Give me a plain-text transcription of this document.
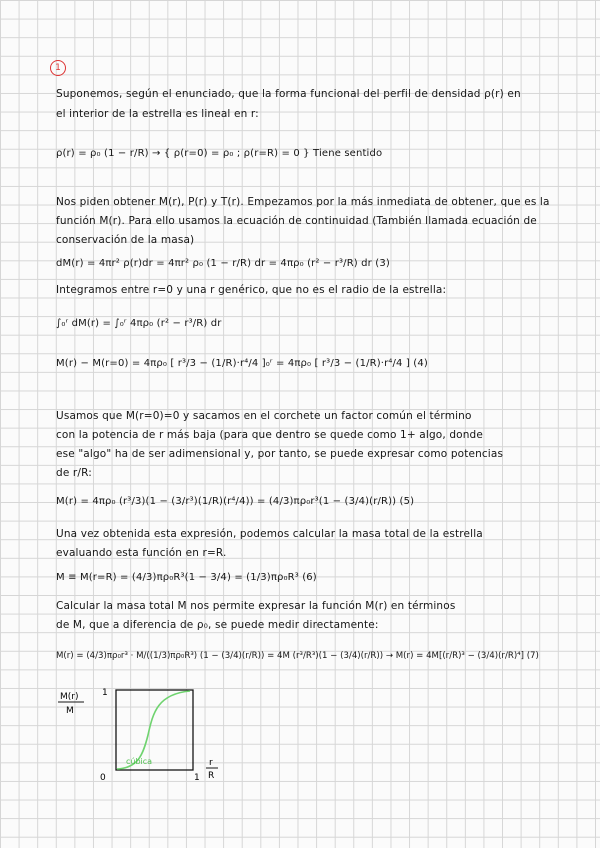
1
Suponemos, según el enunciado, que la forma funcional del perfil de densidad ρ(r) en
el interior de la estrella es lineal en r:
ρ(r) = ρ₀ (1 − r/R) → { ρ(r=0) = ρ₀ ; ρ(r=R) = 0 } Tiene sentido
Nos piden obtener M(r), P(r) y T(r). Empezamos por la más inmediata de obtener, que es la
función M(r). Para ello usamos la ecuación de continuidad (También llamada ecuación de
conservación de la masa)
dM(r) = 4πr² ρ(r)dr = 4πr² ρ₀ (1 − r/R) dr = 4πρ₀ (r² − r³/R) dr (3)
Integramos entre r=0 y una r genérico, que no es el radio de la estrella:
∫₀ʳ dM(r) = ∫₀ʳ 4πρ₀ (r² − r³/R) dr
M(r) − M(r=0) = 4πρ₀ [ r³/3 − (1/R)·r⁴/4 ]₀ʳ = 4πρ₀ [ r³/3 − (1/R)·r⁴/4 ] (4)
Usamos que M(r=0)=0 y sacamos en el corchete un factor común el término
con la potencia de r más baja (para que dentro se quede como 1+ algo, donde
ese "algo" ha de ser adimensional y, por tanto, se puede expresar como potencias
de r/R:
M(r) = 4πρ₀ (r³/3)(1 − (3/r³)(1/R)(r⁴/4)) = (4/3)πρ₀r³(1 − (3/4)(r/R)) (5)
Una vez obtenida esta expresión, podemos calcular la masa total de la estrella
evaluando esta función en r=R.
M ≡ M(r=R) = (4/3)πρ₀R³(1 − 3/4) = (1/3)πρ₀R³ (6)
Calcular la masa total M nos permite expresar la función M(r) en términos
de M, que a diferencia de ρ₀, se puede medir directamente:
M(r) = (4/3)πρ₀r³ · M/((1/3)πρ₀R³) (1 − (3/4)(r/R)) = 4M (r³/R³)(1 − (3/4)(r/R)) → M(r) = 4M[(r/R)³ − (3/4)(r/R)⁴] (7)
M(r)
M
1
cúbica
0	1
r
R
